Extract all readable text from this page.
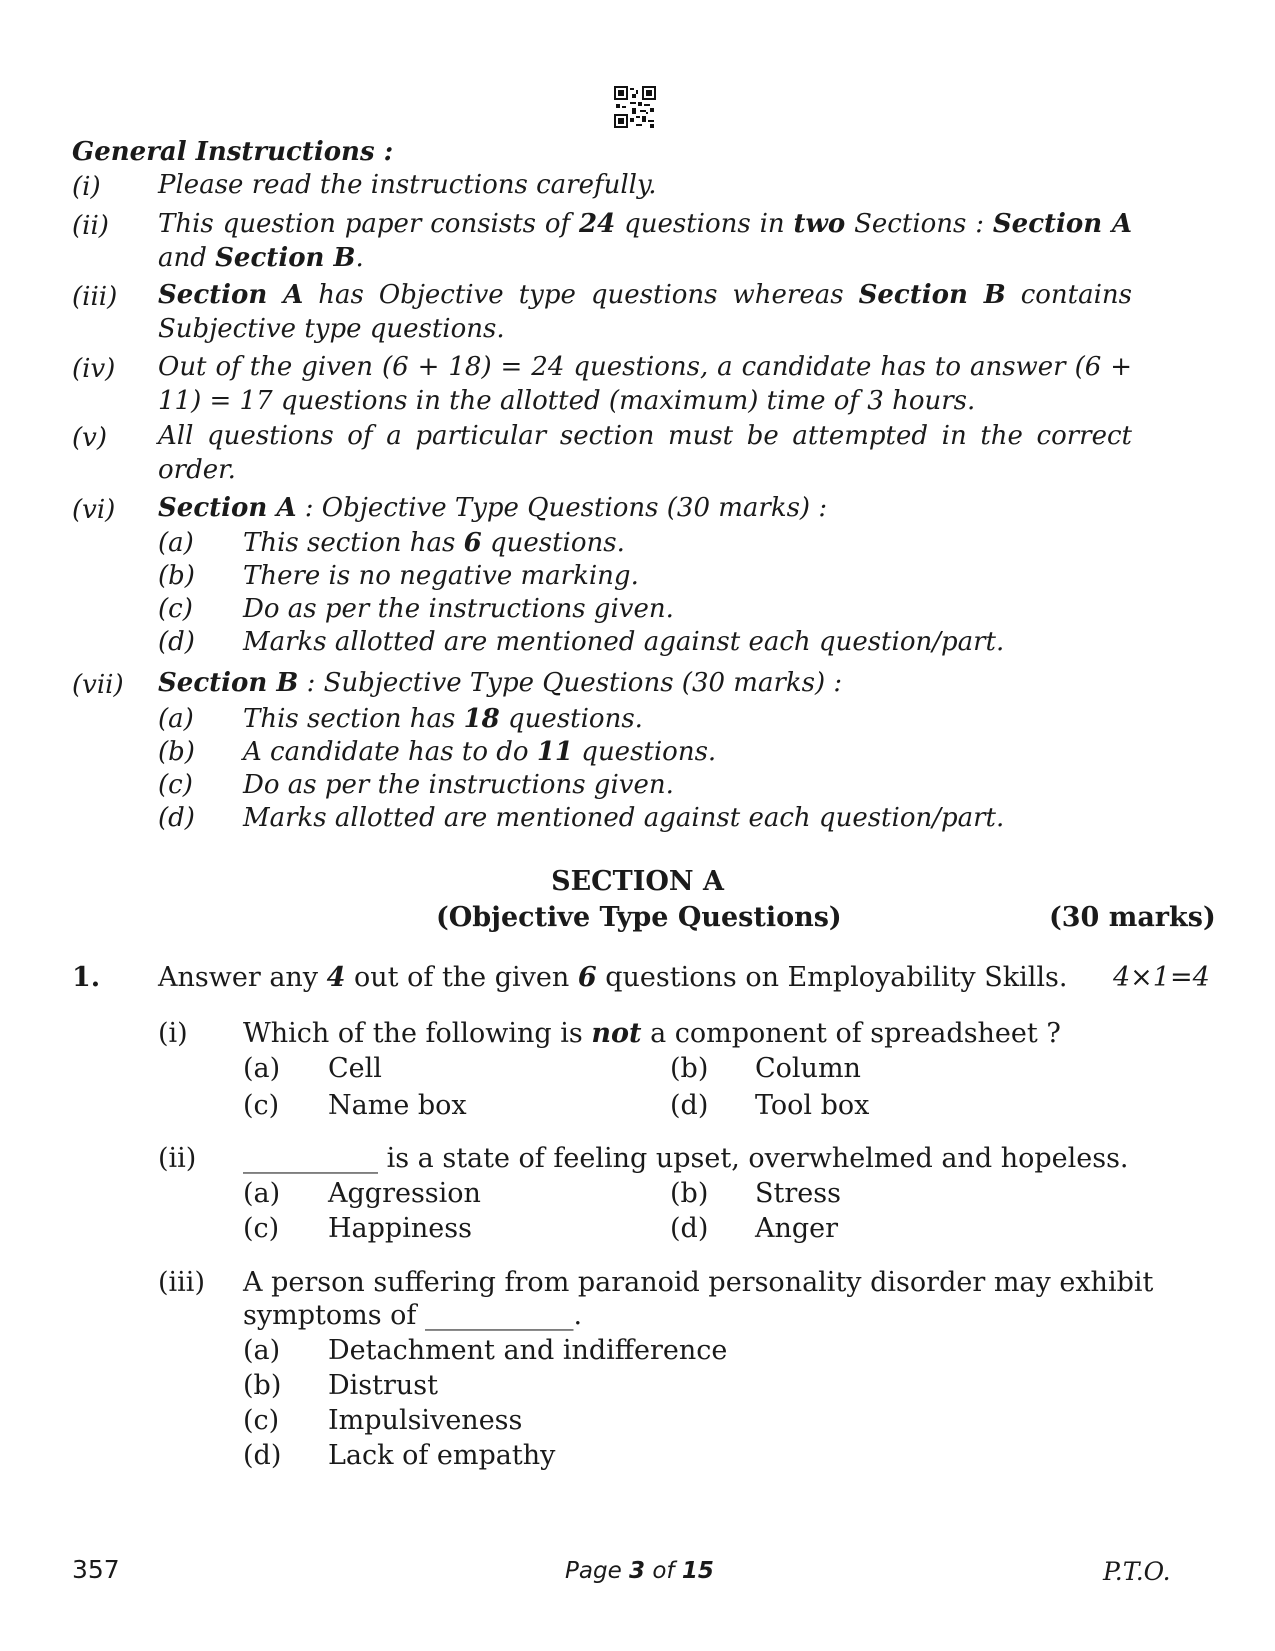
General Instructions :
(i) Please read the instructions carefully.
(ii) This question paper consists of 24 questions in two Sections : Section A and Section B.
(iii) Section A has Objective type questions whereas Section B contains Subjective type questions.
(iv) Out of the given (6 + 18) = 24 questions, a candidate has to answer (6 + 11) = 17 questions in the allotted (maximum) time of 3 hours.
(v) All questions of a particular section must be attempted in the correct order.
(vi) Section A : Objective Type Questions (30 marks) :
(a) This section has 6 questions.
(b) There is no negative marking.
(c) Do as per the instructions given.
(d) Marks allotted are mentioned against each question/part.
(vii) Section B : Subjective Type Questions (30 marks) :
(a) This section has 18 questions.
(b) A candidate has to do 11 questions.
(c) Do as per the instructions given.
(d) Marks allotted are mentioned against each question/part.
SECTION A
(Objective Type Questions)	(30 marks)
1. Answer any 4 out of the given 6 questions on Employability Skills. 4×1=4
(i) Which of the following is not a component of spreadsheet ?
(a) Cell	(b) Column
(c) Name box	(d) Tool box
(ii) __________ is a state of feeling upset, overwhelmed and hopeless.
(a) Aggression	(b) Stress
(c) Happiness	(d) Anger
(iii) A person suffering from paranoid personality disorder may exhibit
symptoms of ___________.
(a) Detachment and indifference
(b) Distrust
(c) Impulsiveness
(d) Lack of empathy
357	Page 3 of 15	P.T.O.
